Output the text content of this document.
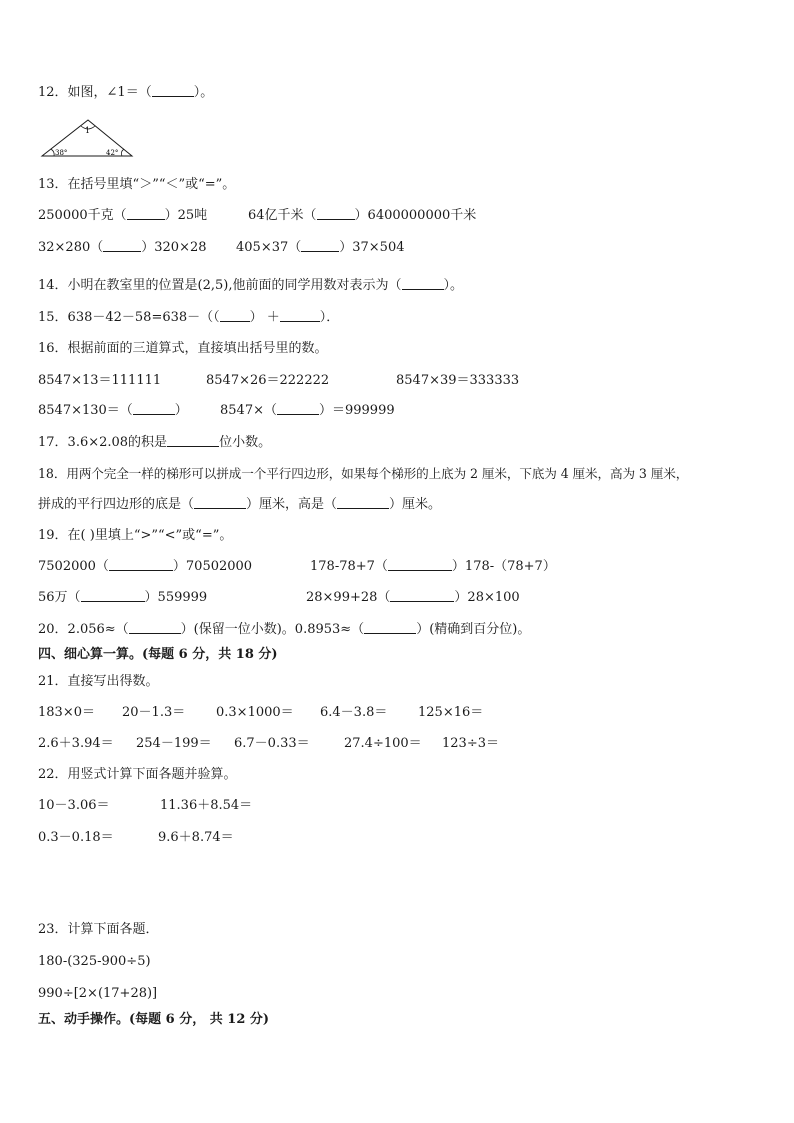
12．如图，∠1＝（	）。
1
38°	42°
13．在括号里填“＞”“＜”或“=”。
250000千克（	）25吨	64亿千米（	）6400000000千米
32×280（	）320×28 405×37（	）37×504
14．小明在教室里的位置是(2,5),他前面的同学用数对表示为（	）。
15．638－42－58=638－（（ ） ＋	）．
16．根据前面的三道算式，直接填出括号里的数。
8547×13＝111111	8547×26＝222222	8547×39＝333333
8547×130＝（	） 8547×（	）＝999999
17．3.6×2.08的积是	位小数。
18．用两个完全一样的梯形可以拼成一个平行四边形，如果每个梯形的上底为 2 厘米，下底为 4 厘米，高为 3 厘米，
拼成的平行四边形的底是（	）厘米，高是（	）厘米。
19．在( )里填上“>”“<”或“=”。
7502000（	）70502000	178-78+7（	）178-（78+7）
56万（	）559999	28×99+28（	）28×100
20．2.056≈（	）(保留一位小数)。0.8953≈（	）(精确到百分位)。
四、细心算一算。(每题 6 分，共 18 分)
21．直接写出得数。
183×0＝ 20－1.3＝ 0.3×1000＝ 6.4－3.8＝ 125×16＝
2.6＋3.94＝ 254－199＝ 6.7－0.33＝	27.4÷100＝ 123÷3＝
22．用竖式计算下面各题并验算。
10－3.06＝	11.36＋8.54＝
0.3－0.18＝	9.6＋8.74＝
23．计算下面各题．
180-(325-900÷5)
990÷[2×(17+28)]
五、动手操作。(每题 6 分， 共 12 分)
